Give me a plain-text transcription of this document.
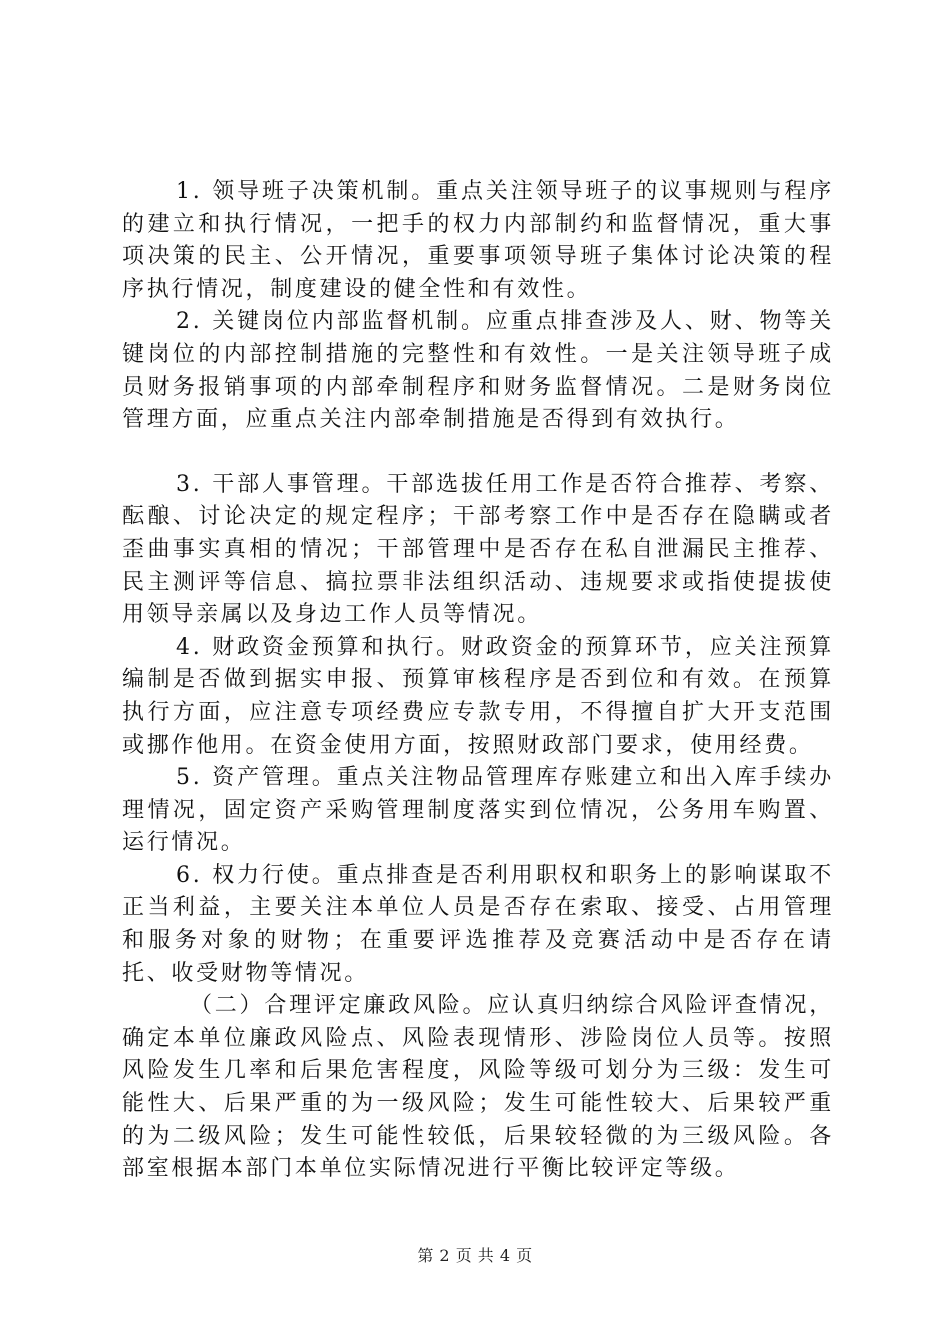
1. 领导班子决策机制。重点关注领导班子的议事规则与程序的建立和执行情况，一把手的权力内部制约和监督情况，重大事项决策的民主、公开情况，重要事项领导班子集体讨论决策的程序执行情况，制度建设的健全性和有效性。

2. 关键岗位内部监督机制。应重点排查涉及人、财、物等关键岗位的内部控制措施的完整性和有效性。一是关注领导班子成员财务报销事项的内部牵制程序和财务监督情况。二是财务岗位管理方面，应重点关注内部牵制措施是否得到有效执行。

3. 干部人事管理。干部选拔任用工作是否符合推荐、考察、酝酿、讨论决定的规定程序；干部考察工作中是否存在隐瞒或者歪曲事实真相的情况；干部管理中是否存在私自泄漏民主推荐、民主测评等信息、搞拉票非法组织活动、违规要求或指使提拔使用领导亲属以及身边工作人员等情况。

4. 财政资金预算和执行。财政资金的预算环节，应关注预算编制是否做到据实申报、预算审核程序是否到位和有效。在预算执行方面，应注意专项经费应专款专用，不得擅自扩大开支范围或挪作他用。在资金使用方面，按照财政部门要求，使用经费。

5. 资产管理。重点关注物品管理库存账建立和出入库手续办理情况，固定资产采购管理制度落实到位情况，公务用车购置、运行情况。

6. 权力行使。重点排查是否利用职权和职务上的影响谋取不正当利益，主要关注本单位人员是否存在索取、接受、占用管理和服务对象的财物；在重要评选推荐及竞赛活动中是否存在请托、收受财物等情况。

（二）合理评定廉政风险。应认真归纳综合风险评查情况，确定本单位廉政风险点、风险表现情形、涉险岗位人员等。按照风险发生几率和后果危害程度，风险等级可划分为三级：发生可能性大、后果严重的为一级风险；发生可能性较大、后果较严重的为二级风险；发生可能性较低，后果较轻微的为三级风险。各部室根据本部门本单位实际情况进行平衡比较评定等级。

第 2 页 共 4 页
